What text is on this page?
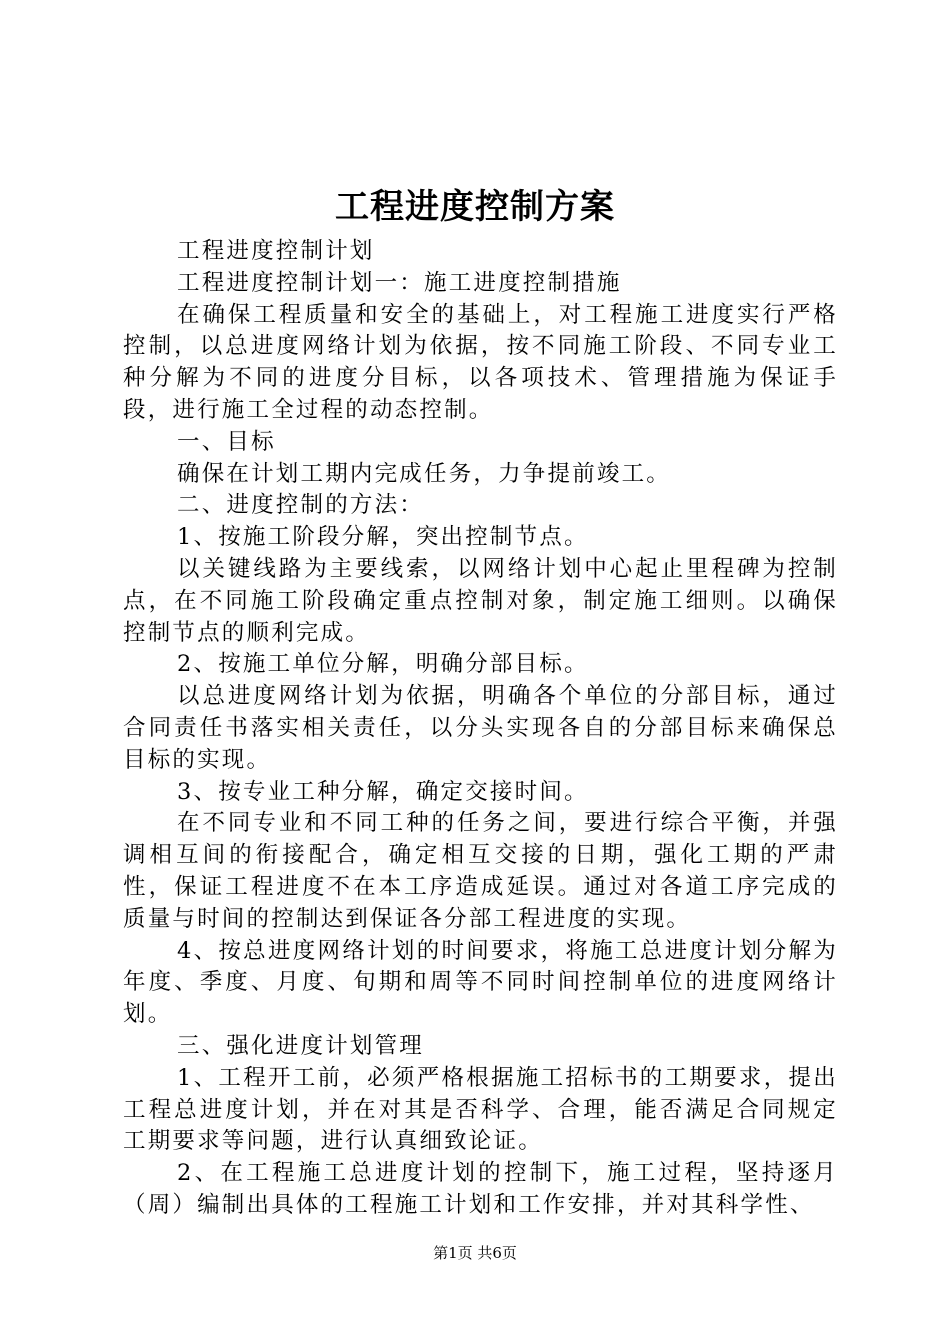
工程进度控制方案

工程进度控制计划

工程进度控制计划一：施工进度控制措施

在确保工程质量和安全的基础上，对工程施工进度实行严格控制，以总进度网络计划为依据，按不同施工阶段、不同专业工种分解为不同的进度分目标，以各项技术、管理措施为保证手段，进行施工全过程的动态控制。

一、目标

确保在计划工期内完成任务，力争提前竣工。

二、进度控制的方法：

1、按施工阶段分解，突出控制节点。

以关键线路为主要线索，以网络计划中心起止里程碑为控制点，在不同施工阶段确定重点控制对象，制定施工细则。以确保控制节点的顺利完成。

2、按施工单位分解，明确分部目标。

以总进度网络计划为依据，明确各个单位的分部目标，通过合同责任书落实相关责任，以分头实现各自的分部目标来确保总目标的实现。

3、按专业工种分解，确定交接时间。

在不同专业和不同工种的任务之间，要进行综合平衡，并强调相互间的衔接配合，确定相互交接的日期，强化工期的严肃性，保证工程进度不在本工序造成延误。通过对各道工序完成的质量与时间的控制达到保证各分部工程进度的实现。

4、按总进度网络计划的时间要求，将施工总进度计划分解为年度、季度、月度、旬期和周等不同时间控制单位的进度网络计划。

三、强化进度计划管理

1、工程开工前，必须严格根据施工招标书的工期要求，提出工程总进度计划，并在对其是否科学、合理，能否满足合同规定工期要求等问题，进行认真细致论证。

2、在工程施工总进度计划的控制下，施工过程，坚持逐月（周）编制出具体的工程施工计划和工作安排，并对其科学性、

第1页 共6页
